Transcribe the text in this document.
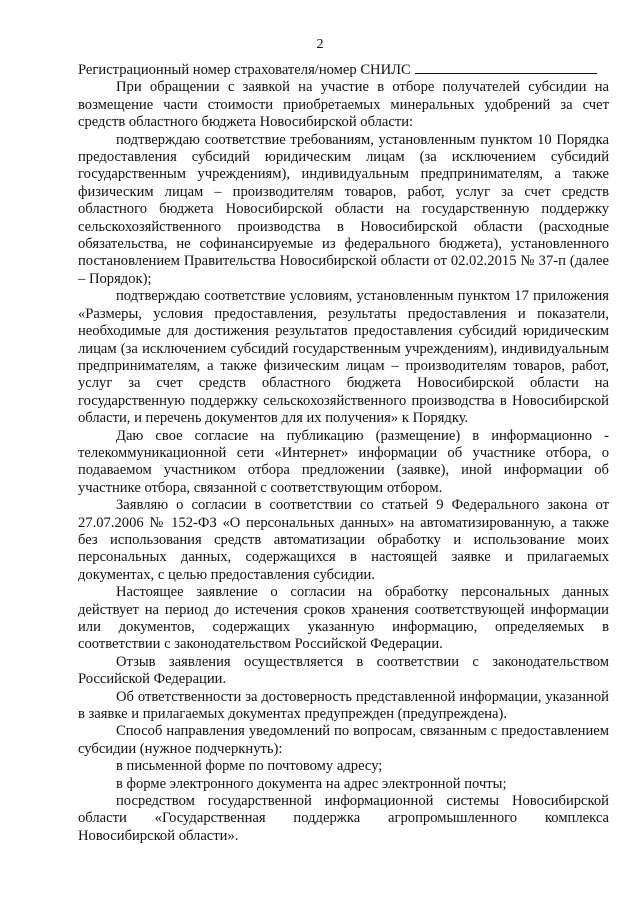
2

Регистрационный номер страхователя/номер СНИЛС

При обращении с заявкой на участие в отборе получателей субсидии на возмещение части стоимости приобретаемых минеральных удобрений за счет средств областного бюджета Новосибирской области:

подтверждаю соответствие требованиям, установленным пунктом 10 Порядка предоставления субсидий юридическим лицам (за исключением субсидий государственным учреждениям), индивидуальным предпринимателям, а также физическим лицам – производителям товаров, работ, услуг за счет средств областного бюджета Новосибирской области на государственную поддержку сельскохозяйственного производства в Новосибирской области (расходные обязательства, не софинансируемые из федерального бюджета), установленного постановлением Правительства Новосибирской области от 02.02.2015 № 37-п (далее – Порядок);

подтверждаю соответствие условиям, установленным пунктом 17 приложения «Размеры, условия предоставления, результаты предоставления и показатели, необходимые для достижения результатов предоставления субсидий юридическим лицам (за исключением субсидий государственным учреждениям), индивидуальным предпринимателям, а также физическим лицам – производителям товаров, работ, услуг за счет средств областного бюджета Новосибирской области на государственную поддержку сельскохозяйственного производства в Новосибирской области, и перечень документов для их получения» к Порядку.

Даю свое согласие на публикацию (размещение) в информационно - телекоммуникационной сети «Интернет» информации об участнике отбора, о подаваемом участником отбора предложении (заявке), иной информации об участнике отбора, связанной с соответствующим отбором.

Заявляю о согласии в соответствии со статьей 9 Федерального закона от 27.07.2006 № 152-ФЗ «О персональных данных» на автоматизированную, а также без использования средств автоматизации обработку и использование моих персональных данных, содержащихся в настоящей заявке и прилагаемых документах, с целью предоставления субсидии.

Настоящее заявление о согласии на обработку персональных данных действует на период до истечения сроков хранения соответствующей информации или документов, содержащих указанную информацию, определяемых в соответствии с законодательством Российской Федерации.

Отзыв заявления осуществляется в соответствии с законодательством Российской Федерации.

Об ответственности за достоверность представленной информации, указанной в заявке и прилагаемых документах предупрежден (предупреждена).

Способ направления уведомлений по вопросам, связанным с предоставлением субсидии (нужное подчеркнуть):

в письменной форме по почтовому адресу;

в форме электронного документа на адрес электронной почты;

посредством государственной информационной системы Новосибирской области «Государственная поддержка агропромышленного комплекса Новосибирской области».
